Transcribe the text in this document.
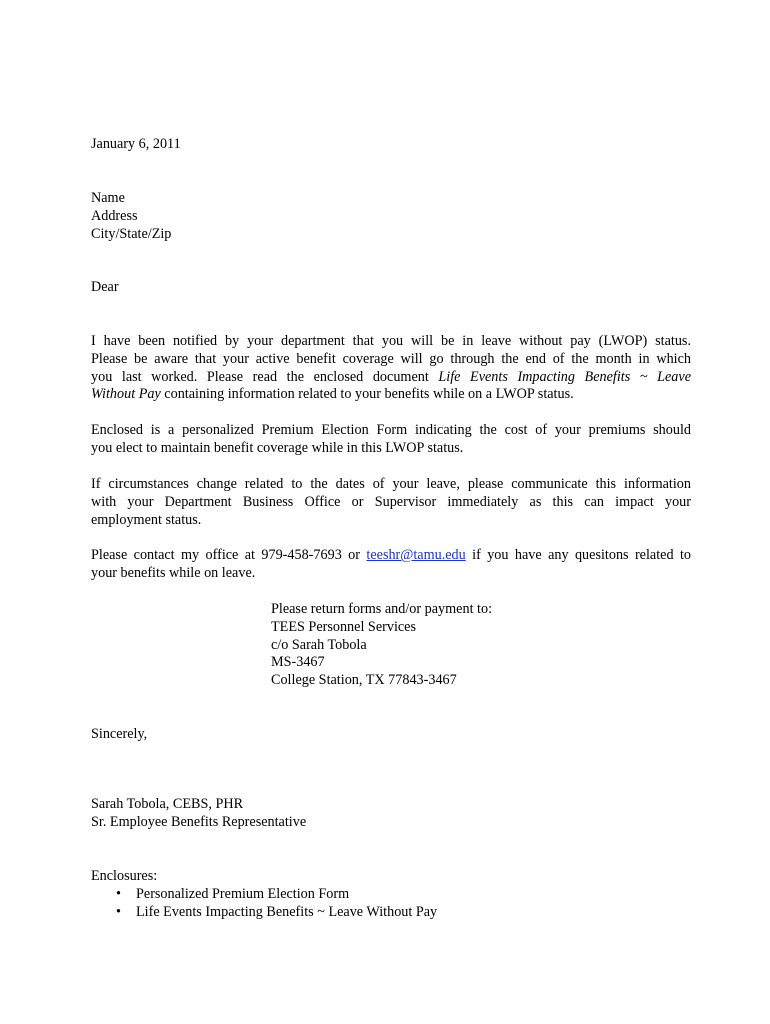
January 6, 2011
Name
Address
City/State/Zip
Dear
I have been notified by your department that you will be in leave without pay (LWOP) status.
Please be aware that your active benefit coverage will go through the end of the month in which
you last worked. Please read the enclosed document Life Events Impacting Benefits ~ Leave
Without Pay containing information related to your benefits while on a LWOP status.
Enclosed is a personalized Premium Election Form indicating the cost of your premiums should
you elect to maintain benefit coverage while in this LWOP status.
If circumstances change related to the dates of your leave, please communicate this information
with your Department Business Office or Supervisor immediately as this can impact your
employment status.
Please contact my office at 979-458-7693 or teeshr@tamu.edu if you have any quesitons related to
your benefits while on leave.
Please return forms and/or payment to:
TEES Personnel Services
c/o Sarah Tobola
MS-3467
College Station, TX 77843-3467
Sincerely,
Sarah Tobola, CEBS, PHR
Sr. Employee Benefits Representative
Enclosures:
• Personalized Premium Election Form
• Life Events Impacting Benefits ~ Leave Without Pay
